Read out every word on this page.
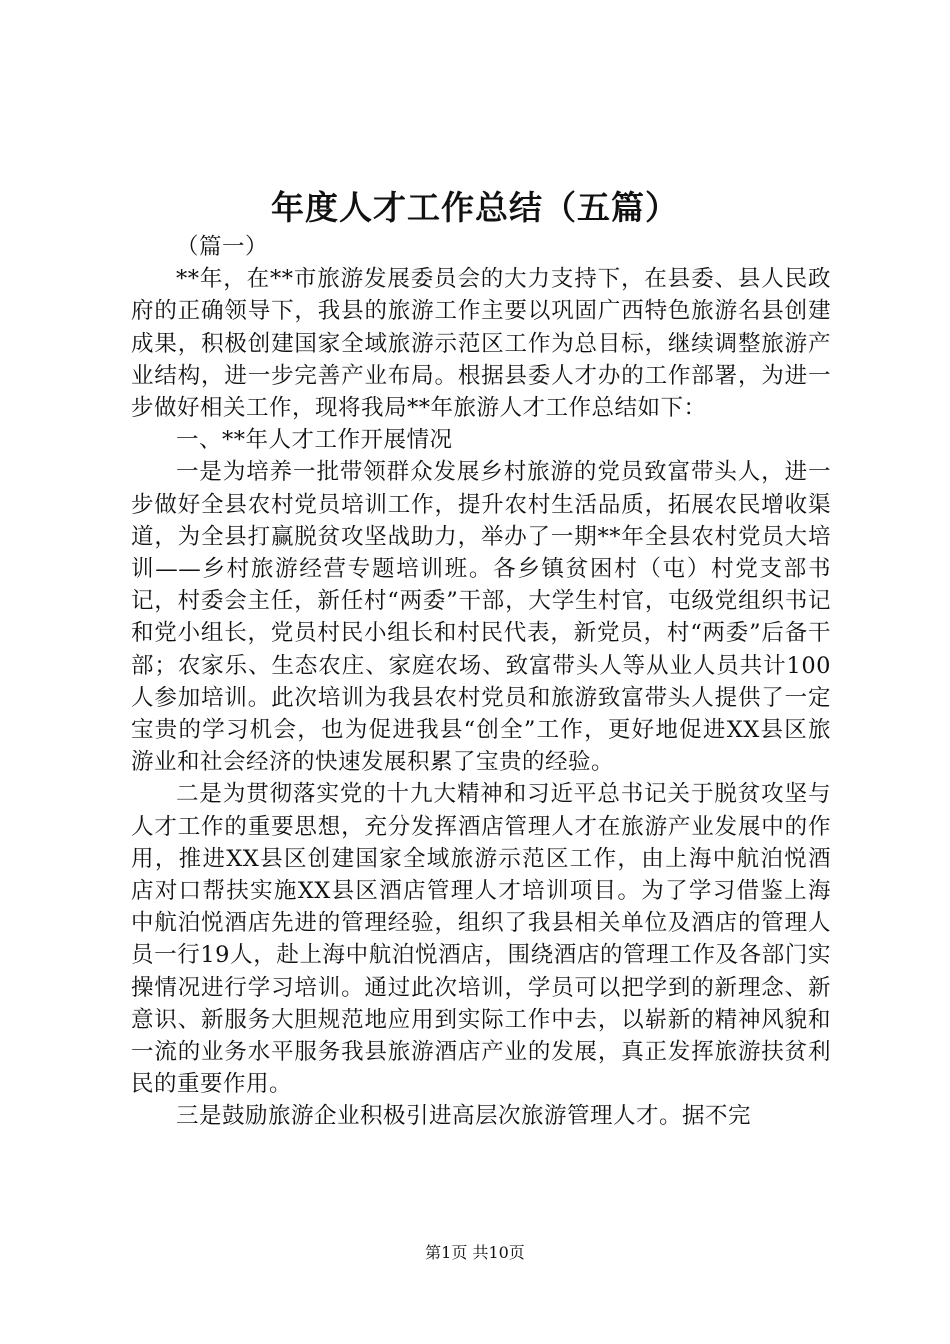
年度人才工作总结（五篇）

（篇一）

**年，在**市旅游发展委员会的大力支持下，在县委、县人民政府的正确领导下，我县的旅游工作主要以巩固广西特色旅游名县创建成果，积极创建国家全域旅游示范区工作为总目标，继续调整旅游产业结构，进一步完善产业布局。根据县委人才办的工作部署，为进一步做好相关工作，现将我局**年旅游人才工作总结如下：

一、**年人才工作开展情况

一是为培养一批带领群众发展乡村旅游的党员致富带头人，进一步做好全县农村党员培训工作，提升农村生活品质，拓展农民增收渠道，为全县打赢脱贫攻坚战助力，举办了一期**年全县农村党员大培训——乡村旅游经营专题培训班。各乡镇贫困村（屯）村党支部书记，村委会主任，新任村“两委”干部，大学生村官，屯级党组织书记和党小组长，党员村民小组长和村民代表，新党员，村“两委”后备干部；农家乐、生态农庄、家庭农场、致富带头人等从业人员共计100人参加培训。此次培训为我县农村党员和旅游致富带头人提供了一定宝贵的学习机会，也为促进我县“创全”工作，更好地促进XX县区旅游业和社会经济的快速发展积累了宝贵的经验。

二是为贯彻落实党的十九大精神和习近平总书记关于脱贫攻坚与人才工作的重要思想，充分发挥酒店管理人才在旅游产业发展中的作用，推进XX县区创建国家全域旅游示范区工作，由上海中航泊悦酒店对口帮扶实施XX县区酒店管理人才培训项目。为了学习借鉴上海中航泊悦酒店先进的管理经验，组织了我县相关单位及酒店的管理人员一行19人，赴上海中航泊悦酒店，围绕酒店的管理工作及各部门实操情况进行学习培训。通过此次培训，学员可以把学到的新理念、新意识、新服务大胆规范地应用到实际工作中去，以崭新的精神风貌和一流的业务水平服务我县旅游酒店产业的发展，真正发挥旅游扶贫利民的重要作用。

三是鼓励旅游企业积极引进高层次旅游管理人才。据不完

第1页 共10页
